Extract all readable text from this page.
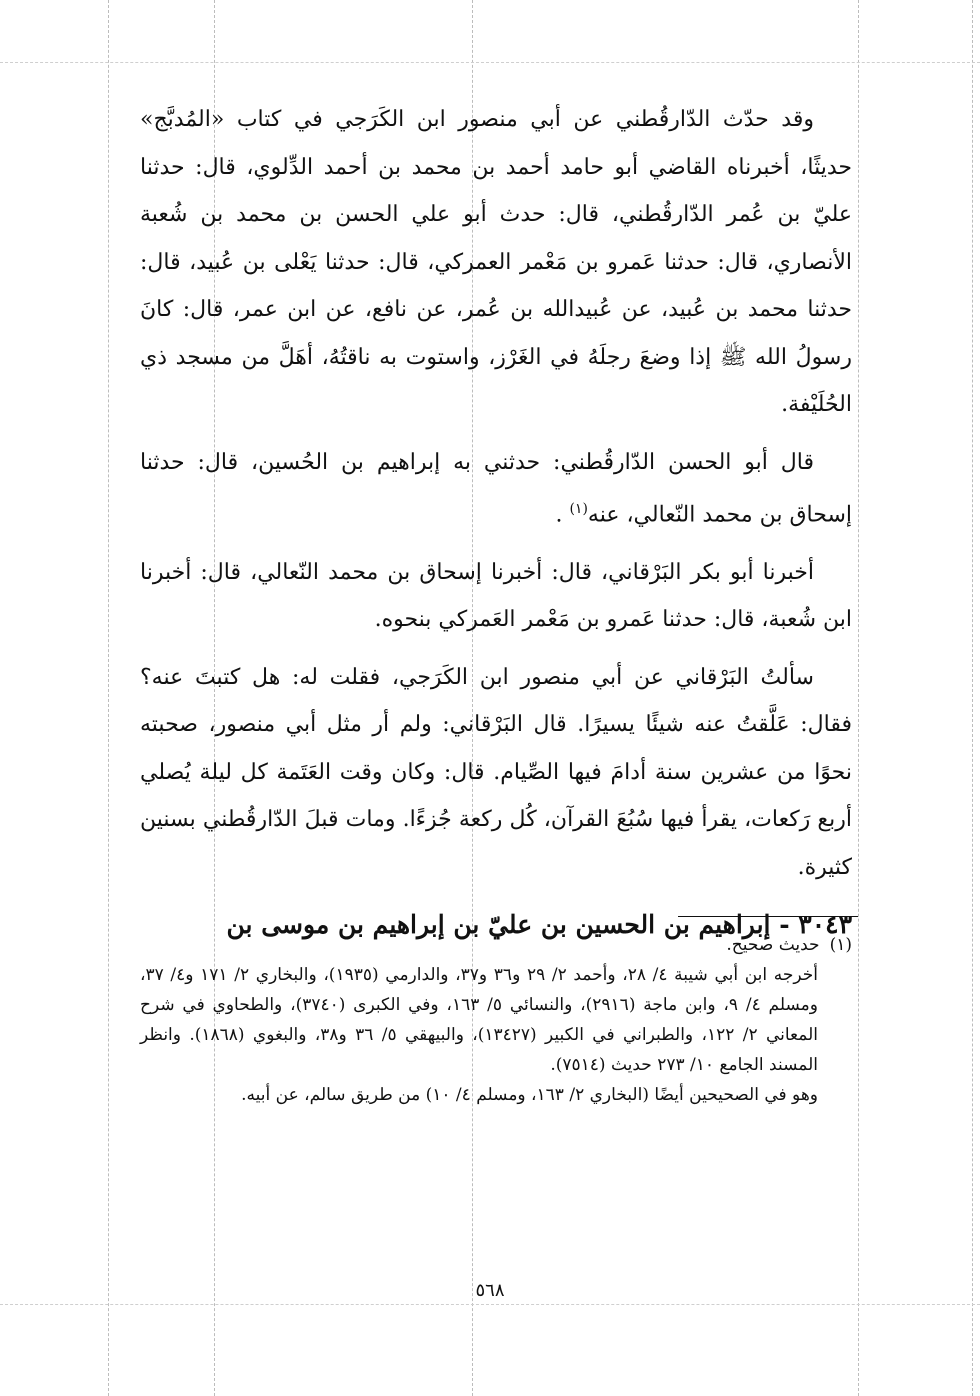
وقد حدّث الدّارقُطني عن أبي منصور ابن الكَرَجي في كتاب «المُدبَّج» حديثًا، أخبرناه القاضي أبو حامد أحمد بن محمد بن أحمد الدِّلوي، قال: حدثنا عليّ بن عُمر الدّارقُطني، قال: حدث أبو علي الحسن بن محمد بن شُعبة الأنصاري، قال: حدثنا عَمرو بن مَعْمر العمركي، قال: حدثنا يَعْلى بن عُبيد، قال: حدثنا محمد بن عُبيد، عن عُبيدالله بن عُمر، عن نافع، عن ابن عمر، قال: كانَ رسولُ الله ﷺ إذا وضعَ رجلَهُ في الغَرْز، واستوت به ناقتُهُ، أهَلَّ من مسجد ذي الحُلَيْفة.

قال أبو الحسن الدّارقُطني: حدثني به إبراهيم بن الحُسين، قال: حدثنا إسحاق بن محمد النّعالي، عنه$^{(١)}$ .

أخبرنا أبو بكر البَرْقاني، قال: أخبرنا إسحاق بن محمد النّعالي، قال: أخبرنا ابن شُعبة، قال: حدثنا عَمرو بن مَعْمر العَمركي بنحوه.

سألتُ البَرْقاني عن أبي منصور ابن الكَرَجي، فقلت له: هل كتبتَ عنه؟ فقال: عَلَّقتُ عنه شيئًا يسيرًا. قال البَرْقاني: ولم أر مثل أبي منصور، صحبته نحوًا من عشرين سنة أدامَ فيها الصِّيام. قال: وكان وقت العَتَمة كل ليلة يُصلي أربع رَكعات، يقرأ فيها سُبُعَ القرآن، كُل ركعة جُزءًا. ومات قبلَ الدّارقُطني بسنين كثيرة.

٣٠٤٣ - إبراهيم بن الحسين بن عليّ بن إبراهيم بن موسى بن

(١)حديث صحيح.

أخرجه ابن أبي شيبة ٤/ ٢٨، وأحمد ٢/ ٢٩ و٣٦ و٣٧، والدارمي (١٩٣٥)، والبخاري ٢/ ١٧١ و٤/ ٣٧، ومسلم ٤/ ٩، وابن ماجة (٢٩١٦)، والنسائي ٥/ ١٦٣، وفي الكبرى (٣٧٤٠)، والطحاوي في شرح المعاني ٢/ ١٢٢، والطبراني في الكبير (١٣٤٢٧)، والبيهقي ٥/ ٣٦ و٣٨، والبغوي (١٨٦٨). وانظر المسند الجامع ١٠/ ٢٧٣ حديث (٧٥١٤).

وهو في الصحيحين أيضًا (البخاري ٢/ ١٦٣، ومسلم ٤/ ١٠) من طريق سالم، عن أبيه.

٥٦٨
